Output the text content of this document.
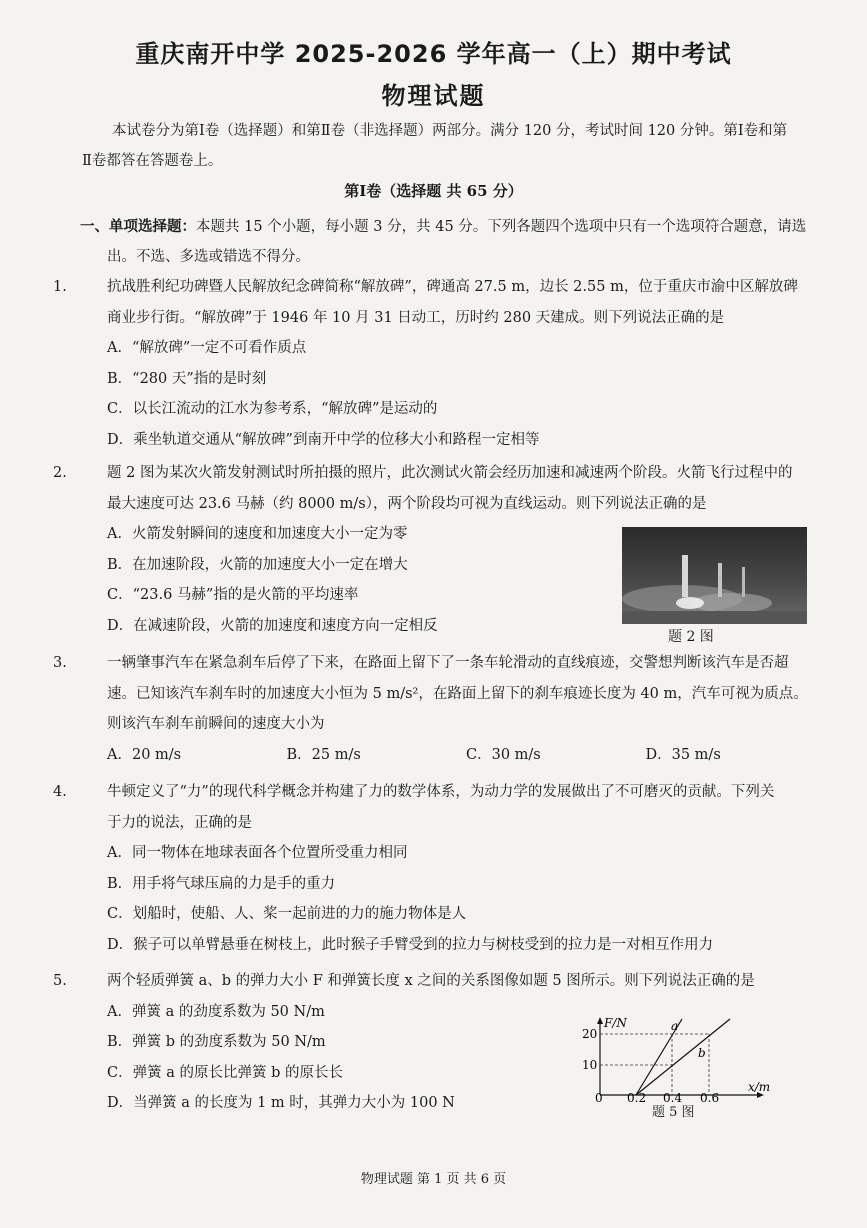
重庆南开中学 2025-2026 学年高一（上）期中考试
物理试题
本试卷分为第Ⅰ卷（选择题）和第Ⅱ卷（非选择题）两部分。满分 120 分，考试时间 120 分钟。第Ⅰ卷和第
Ⅱ卷都答在答题卷上。
第Ⅰ卷（选择题 共 65 分）
一、单项选择题：本题共 15 个小题，每小题 3 分，共 45 分。下列各题四个选项中只有一个选项符合题意，请选
出。不选、多选或错选不得分。
1.	抗战胜利纪功碑暨人民解放纪念碑简称“解放碑”，碑通高 27.5 m，边长 2.55 m，位于重庆市渝中区解放碑
商业步行街。“解放碑”于 1946 年 10 月 31 日动工，历时约 280 天建成。则下列说法正确的是
A．“解放碑”一定不可看作质点
B．“280 天”指的是时刻
C．以长江流动的江水为参考系，“解放碑”是运动的
D．乘坐轨道交通从“解放碑”到南开中学的位移大小和路程一定相等
2.	题 2 图为某次火箭发射测试时所拍摄的照片，此次测试火箭会经历加速和减速两个阶段。火箭飞行过程中的
最大速度可达 23.6 马赫（约 8000 m/s），两个阶段均可视为直线运动。则下列说法正确的是
A．火箭发射瞬间的速度和加速度大小一定为零
B．在加速阶段，火箭的加速度大小一定在增大
C．“23.6 马赫”指的是火箭的平均速率
D．在减速阶段，火箭的加速度和速度方向一定相反
题 2 图
3.	一辆肇事汽车在紧急刹车后停了下来，在路面上留下了一条车轮滑动的直线痕迹，交警想判断该汽车是否超
速。已知该汽车刹车时的加速度大小恒为 5 m/s²，在路面上留下的刹车痕迹长度为 40 m，汽车可视为质点。
则该汽车刹车前瞬间的速度大小为
A．20 m/s	B．25 m/s	C．30 m/s	D．35 m/s
4.	牛顿定义了“力”的现代科学概念并构建了力的数学体系，为动力学的发展做出了不可磨灭的贡献。下列关
于力的说法，正确的是
A．同一物体在地球表面各个位置所受重力相同
B．用手将气球压扁的力是手的重力
C．划船时，使船、人、桨一起前进的力的施力物体是人
D．猴子可以单臂悬垂在树枝上，此时猴子手臂受到的拉力与树枝受到的拉力是一对相互作用力
5.	两个轻质弹簧 a、b 的弹力大小 F 和弹簧长度 x 之间的关系图像如题 5 图所示。则下列说法正确的是
A．弹簧 a 的劲度系数为 50 N/m
B．弹簧 b 的劲度系数为 50 N/m
C．弹簧 a 的原长比弹簧 b 的原长长
D．当弹簧 a 的长度为 1 m 时，其弹力大小为 100 N
F/N
x/m
a
b
20
10
0 0.2 0.4 0.6
题 5 图
物理试题 第 1 页 共 6 页
